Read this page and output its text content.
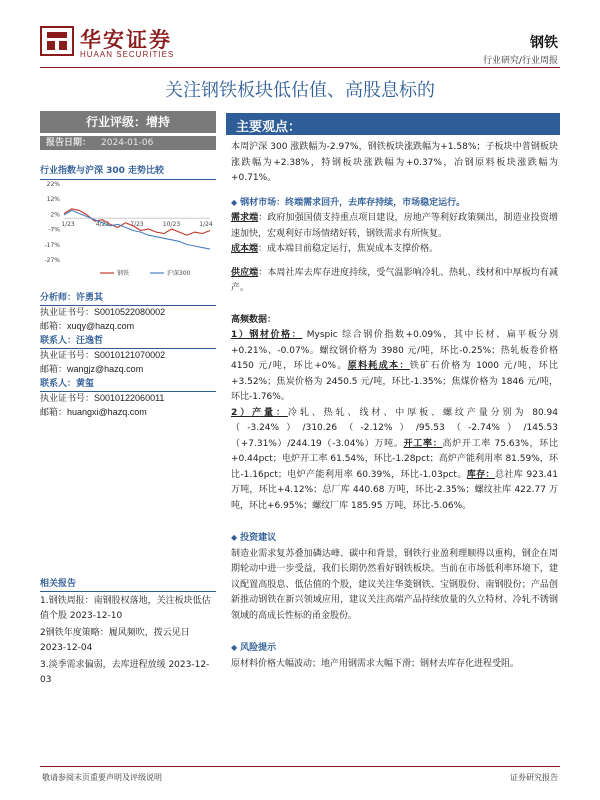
华安证券
HUAAN SECURITIES
钢铁
行业研究/行业周报
关注钢铁板块低估值、高股息标的
行业评级：增持
报告日期： 2024-01-06
行业指数与沪深 300 走势比较
22%
12%
2%
-7%
-17%
-27%
1/23	4/23	7/23	10/23	1/24
钢铁	沪深300
分析师：许勇其
执业证书号：S0010522080002
邮箱：xuqy@hazq.com
联系人：汪逸哲
执业证书号：S0010121070002
邮箱：wangjz@hazq.com
联系人：黄玺
执业证书号：S0010122060011
邮箱：huangxi@hazq.com
相关报告
1.钢铁周报：南钢股权落地，关注板块低估值个股 2023-12-10
2钢铁年度策略：履风频吹，拨云见日 2023-12-04
3.淡季需求偏弱，去库进程放缓 2023-12-03
主要观点：

本周沪深 300 涨跌幅为-2.97%，钢铁板块涨跌幅为+1.58%；子板块中普钢板块涨跌幅为+2.38%，特钢板块涨跌幅为+0.37%，冶钢原料板块涨跌幅为+0.71%。

◆ 钢材市场：终端需求回升，去库存持续，市场稳定运行。

需求端：政府加强国债支持重点项目建设，房地产等利好政策频出，制造业投资增速加快，宏观利好市场情绪好转，钢铁需求有所恢复。

成本端：成本端目前稳定运行，焦炭成本支撑价格。

供应端：本周社库去库存进度持续，受气温影响冷轧、热轧、线材和中厚板均有减产。

高频数据：

1）钢材价格： Myspic 综合钢价指数+0.09%，其中长材、扁平板分别+0.21%、-0.07%。螺纹钢价格为 3980 元/吨，环比-0.25%；热轧板卷价格 4150 元/吨，环比+0%。原料耗成本：铁矿石价格为 1000 元/吨，环比+3.52%；焦炭价格为 2450.5 元/吨，环比-1.35%；焦煤价格为 1846 元/吨，环比-1.76%。

2）产量：冷轧、热轧、线材、中厚板、螺纹产量分别为 80.94（-3.24%）/310.26（-2.12%）/95.53（-2.74%）/145.53（+7.31%）/244.19（-3.04%）万吨。开工率：高炉开工率 75.63%，环比+0.44pct；电炉开工率 61.54%，环比-1.28pct；高炉产能利用率 81.59%，环比-1.16pct；电炉产能利用率 60.39%，环比-1.03pct。库存：总社库 923.41 万吨，环比+4.12%；总厂库 440.68 万吨，环比-2.35%；螺纹社库 422.77 万吨，环比+6.95%；螺纹厂库 185.95 万吨，环比-5.06%。

◆ 投资建议

制造业需求复苏叠加磷达峰、碳中和背景，钢铁行业盈利理顺得以重构，钢企在周期轮动中进一步受益，我们长期仍然看好钢铁板块。当前在市场低利率环境下，建议配置高股息、低估值的个股，建议关注华菱钢铁、宝钢股份、南钢股份；产品创新推动钢铁在新兴领域应用，建议关注高端产品持续放量的久立特材、冷轧不锈钢领域的高成长性标的甬金股份。

◆ 风险提示

原材料价格大幅波动；地产用钢需求大幅下滑；钢材去库存化进程受阻。

敬请参阅末页重要声明及评级说明	证券研究报告
